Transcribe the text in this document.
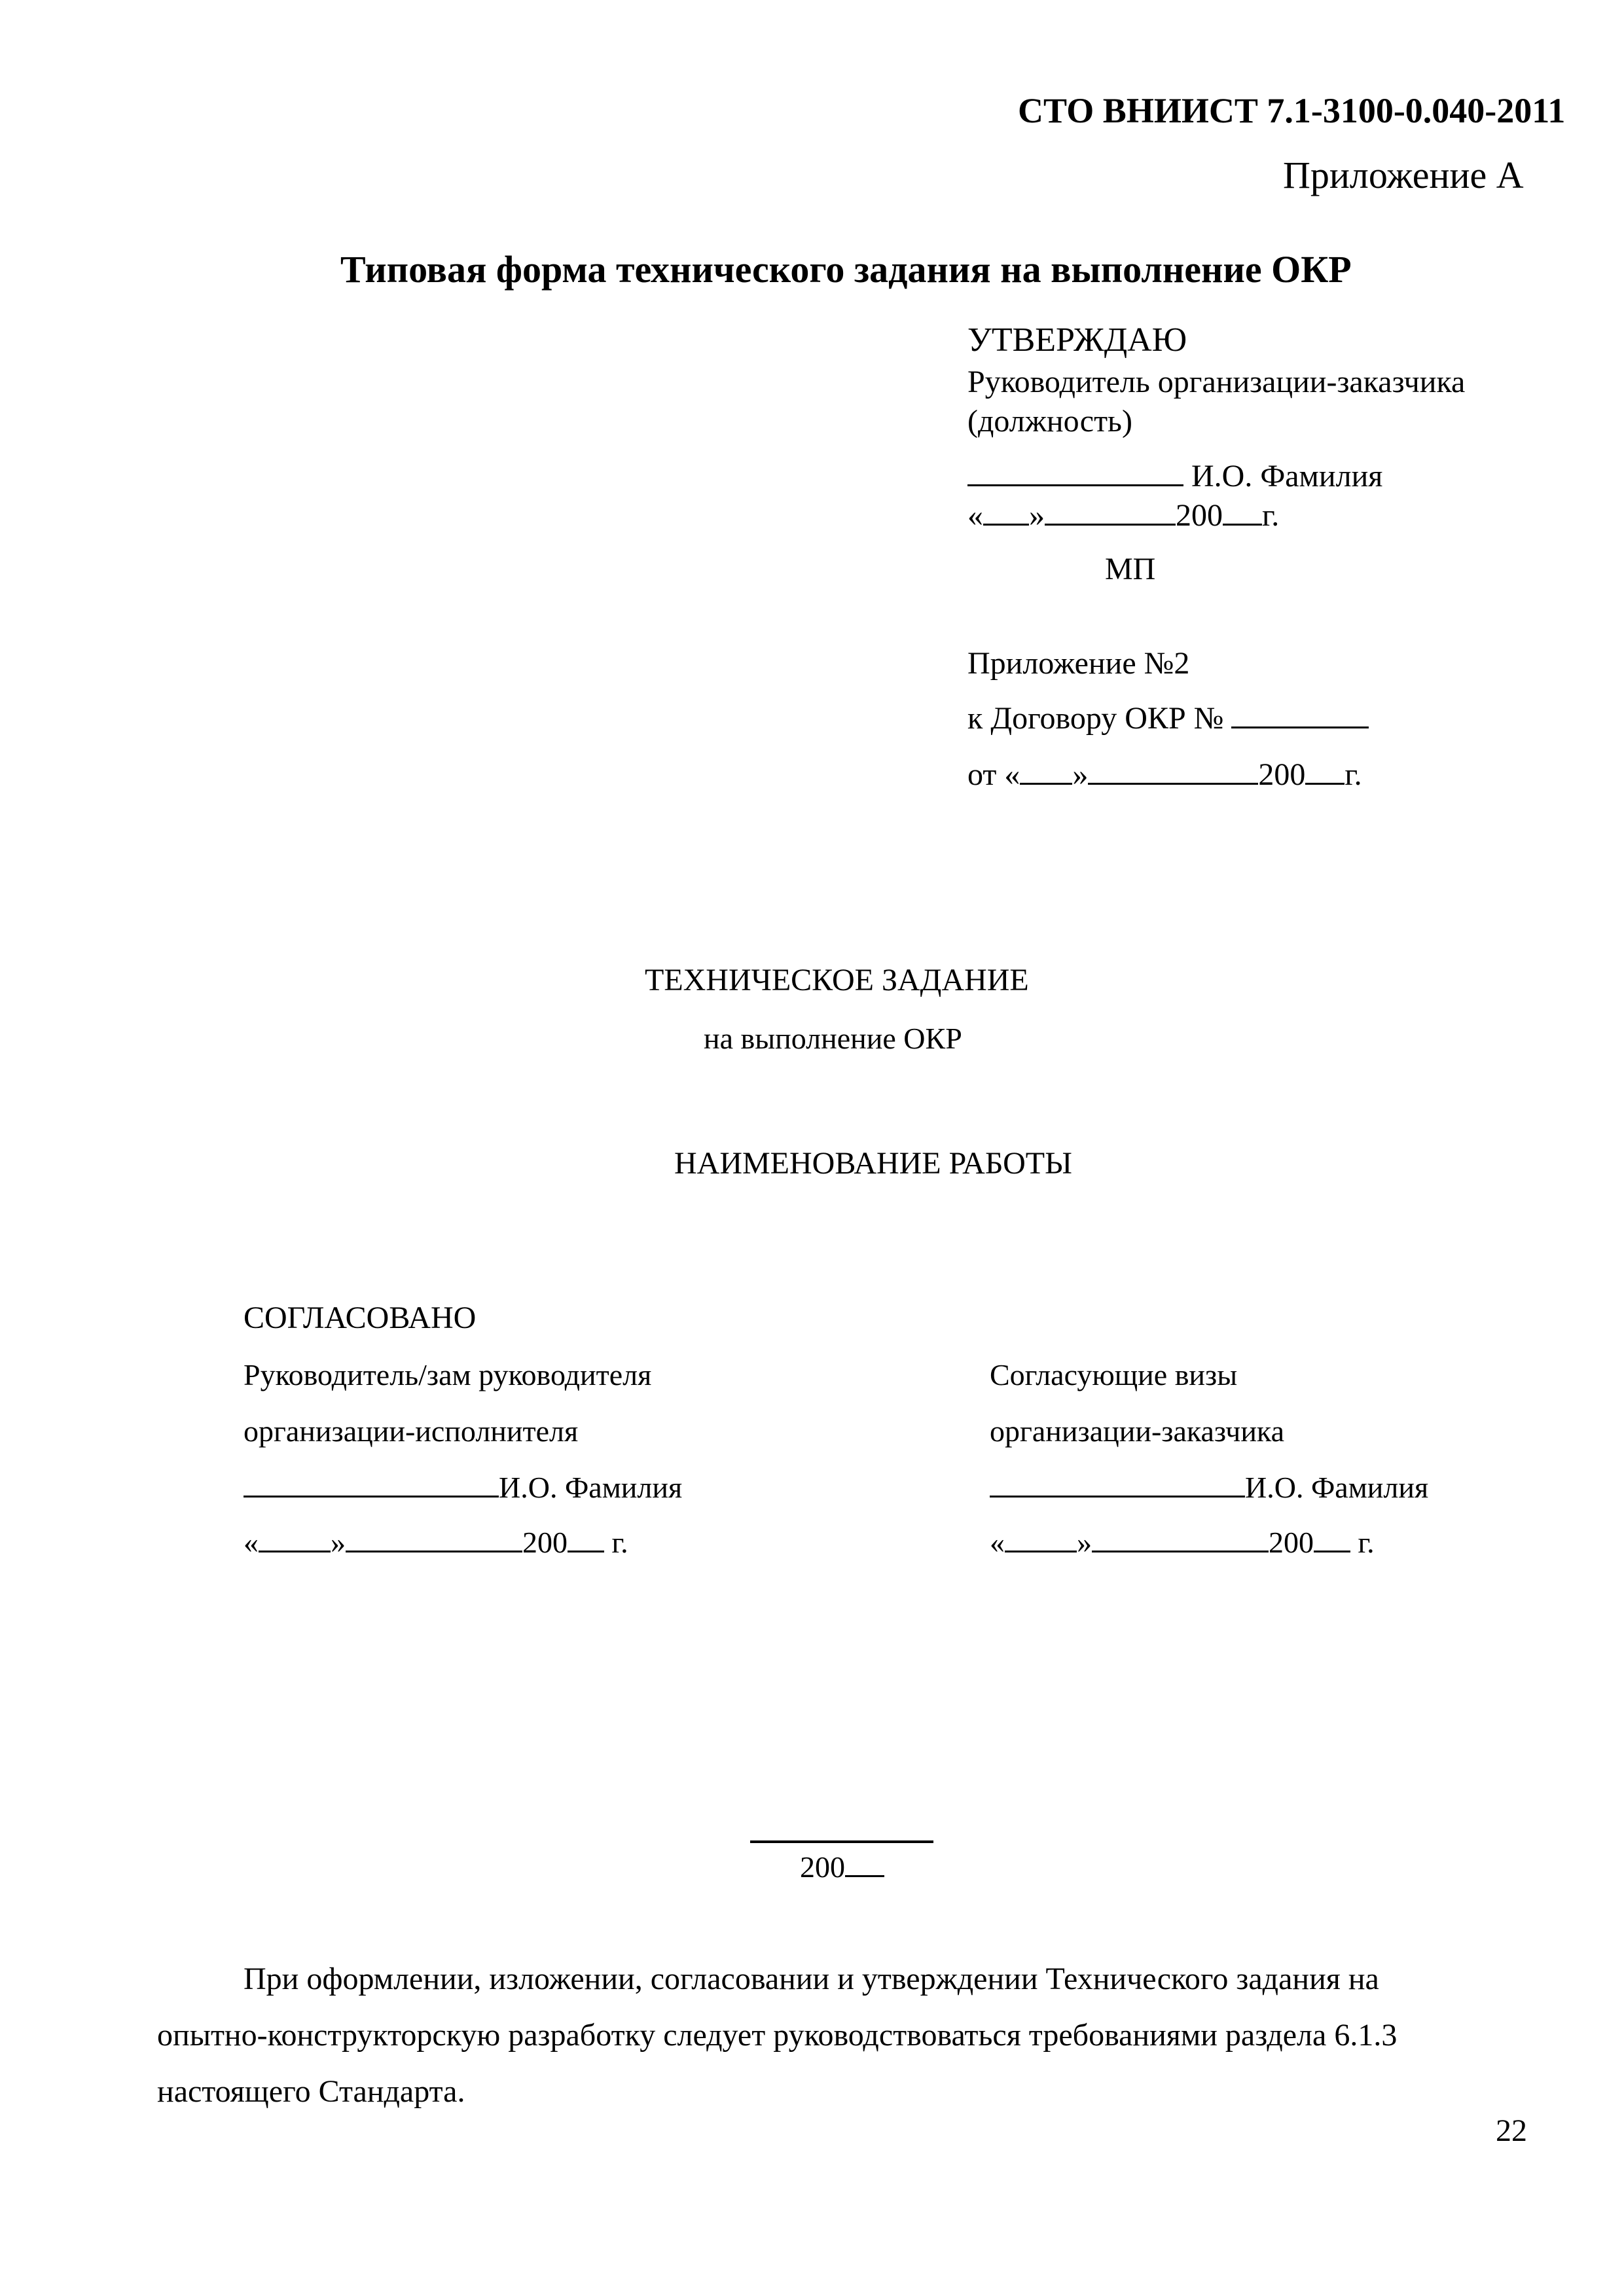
СТО ВНИИСТ 7.1-3100-0.040-2011
Приложение А
Типовая форма технического задания на выполнение ОКР
УТВЕРЖДАЮ
Руководитель организации-заказчика
(должность)
И.О. Фамилия
« »	200 г.
МП
Приложение №2
к Договору ОКР №
от « »	200 г.
ТЕХНИЧЕСКОЕ ЗАДАНИЕ
на выполнение ОКР
НАИМЕНОВАНИЕ РАБОТЫ
СОГЛАСОВАНО
Руководитель/зам руководителя
организации-исполнителя
И.О. Фамилия
« »	200 г.
Согласующие визы
организации-заказчика
И.О. Фамилия
« »	200 г.
200
При оформлении, изложении, согласовании и утверждении Технического задания на
опытно-конструкторскую разработку следует руководствоваться требованиями раздела 6.1.3
настоящего Стандарта.
22
